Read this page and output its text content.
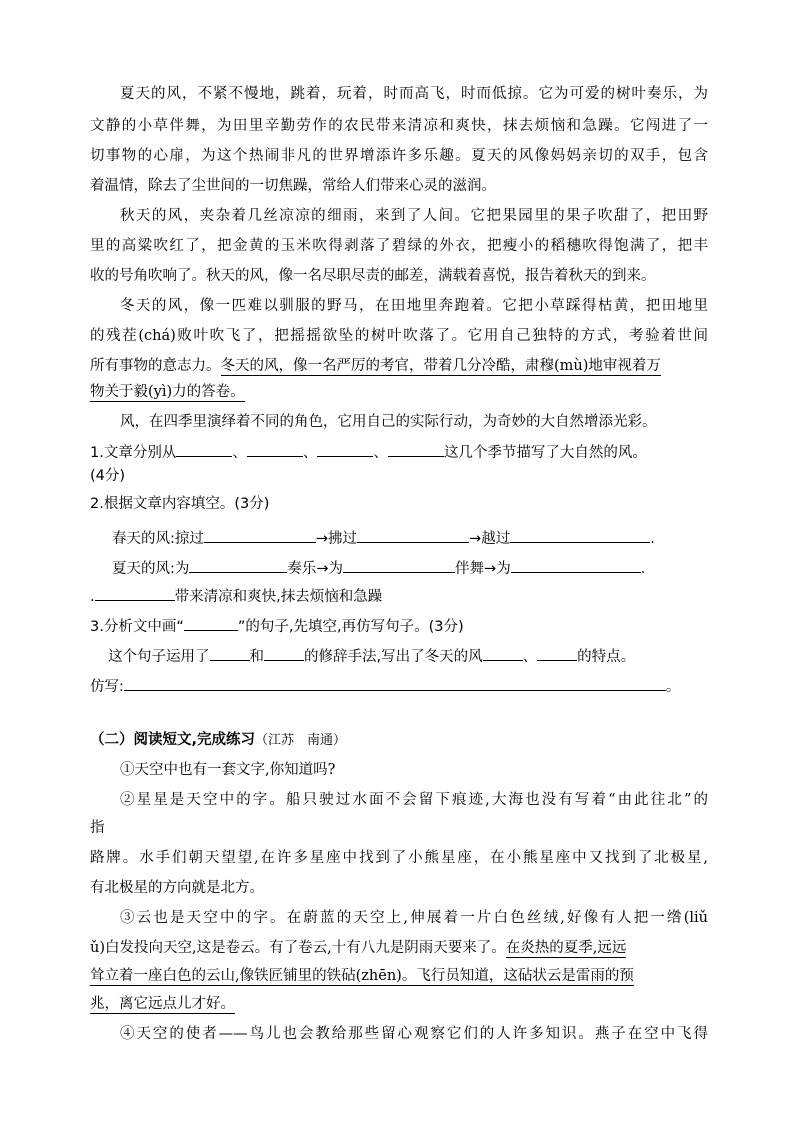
夏天的风，不紧不慢地，跳着，玩着，时而高飞，时而低掠。它为可爱的树叶奏乐，为
文静的小草伴舞，为田里辛勤劳作的农民带来清凉和爽快，抹去烦恼和急躁。它闯进了一
切事物的心扉，为这个热闹非凡的世界增添许多乐趣。夏天的风像妈妈亲切的双手，包含
着温情，除去了尘世间的一切焦躁，常给人们带来心灵的滋润。
秋天的风，夹杂着几丝凉凉的细雨，来到了人间。它把果园里的果子吹甜了，把田野
里的高粱吹红了，把金黄的玉米吹得剥落了碧绿的外衣，把瘦小的稻穗吹得饱满了，把丰
收的号角吹响了。秋天的风，像一名尽职尽责的邮差，满载着喜悦，报告着秋天的到来。
冬天的风，像一匹难以驯服的野马，在田地里奔跑着。它把小草踩得枯黄，把田地里
的残茬(chá)败叶吹飞了，把摇摇欲坠的树叶吹落了。它用自己独特的方式，考验着世间
所有事物的意志力。冬天的风，像一名严厉的考官，带着几分冷酷，肃穆(mù)地审视着万
物关于毅(yì)力的答卷。
风，在四季里演绎着不同的角色，它用自己的实际行动，为奇妙的大自然增添光彩。
1.文章分别从	、	、	、	这几个季节描写了大自然的风。
(4分)
2.根据文章内容填空。(3分)
春天的风:掠过	→拂过	→越过	.
夏天的风:为	奏乐→为	伴舞→为	.
.	带来清凉和爽快,抹去烦恼和急躁
3.分析文中画“	”的句子,先填空,再仿写句子。(3分)
这个句子运用了	和	的修辞手法,写出了冬天的风	、	的特点。
仿写:	。
（二）阅读短文,完成练习（江苏　南通）
①天空中也有一套文字,你知道吗?
②星星是天空中的字。船只驶过水面不会留下痕迹,大海也没有写着“由此往北”的
指
路牌。水手们朝天望望,在许多星座中找到了小熊星座，在小熊星座中又找到了北极星,
有北极星的方向就是北方。
③云也是天空中的字。在蔚蓝的天空上,伸展着一片白色丝绒,好像有人把一绺(liǔ
ǔ)白发投向天空,这是卷云。有了卷云,十有八九是阴雨天要来了。在炎热的夏季,远远
耸立着一座白色的云山,像铁匠铺里的铁砧(zhēn)。飞行员知道，这砧状云是雷雨的预
兆，离它远点儿才好。
④天空的使者——鸟儿也会教给那些留心观察它们的人许多知识。燕子在空中飞得
